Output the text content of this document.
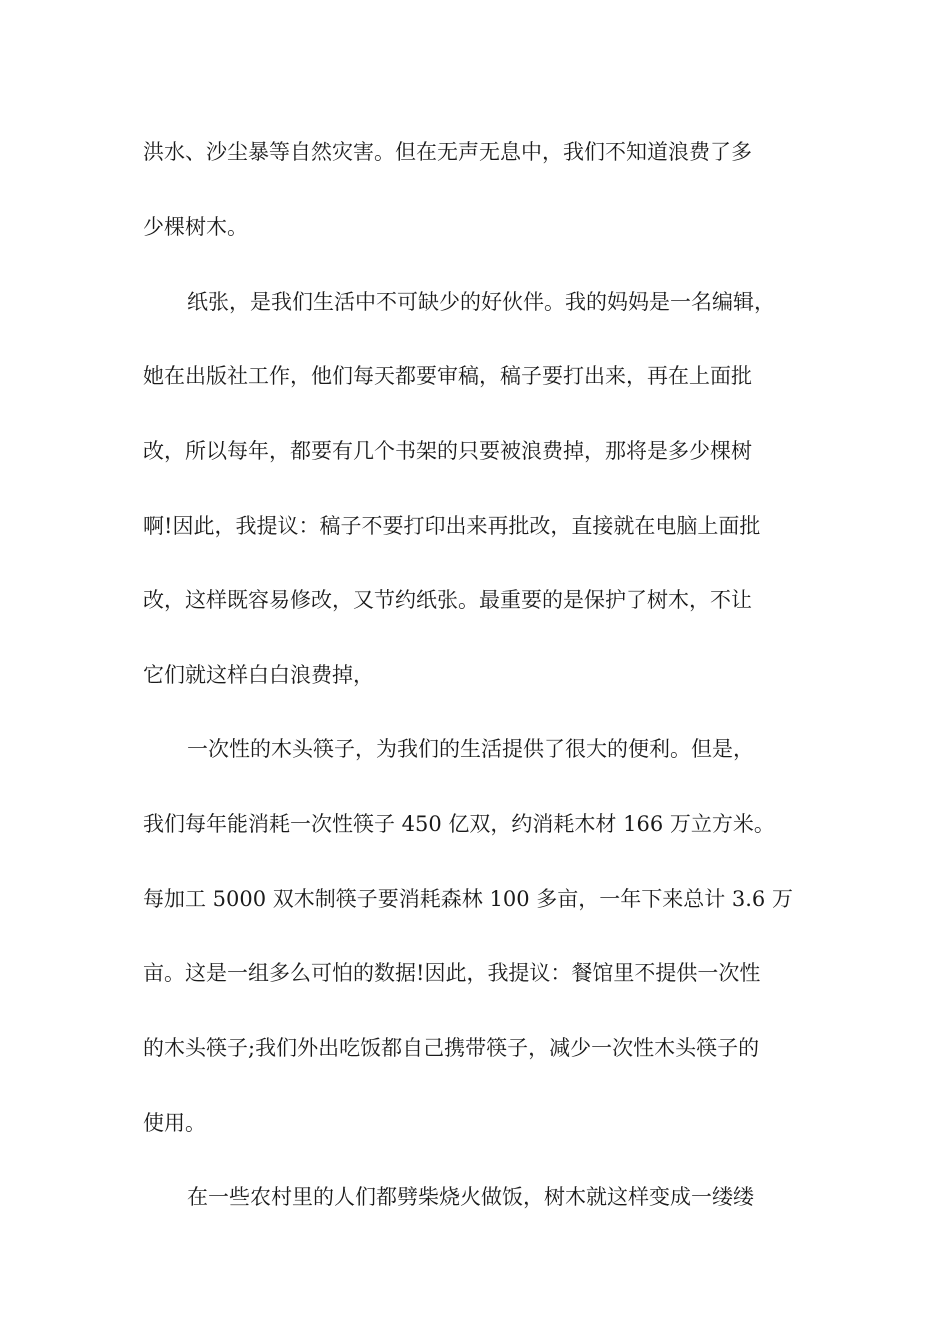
洪水、沙尘暴等自然灾害。但在无声无息中，我们不知道浪费了多
少棵树木。
纸张，是我们生活中不可缺少的好伙伴。我的妈妈是一名编辑，
她在出版社工作，他们每天都要审稿，稿子要打出来，再在上面批
改，所以每年，都要有几个书架的只要被浪费掉，那将是多少棵树
啊!因此，我提议：稿子不要打印出来再批改，直接就在电脑上面批
改，这样既容易修改，又节约纸张。最重要的是保护了树木，不让
它们就这样白白浪费掉，
一次性的木头筷子，为我们的生活提供了很大的便利。但是，
我们每年能消耗一次性筷子 450 亿双，约消耗木材 166 万立方米。
每加工 5000 双木制筷子要消耗森林 100 多亩，一年下来总计 3.6 万
亩。这是一组多么可怕的数据!因此，我提议：餐馆里不提供一次性
的木头筷子;我们外出吃饭都自己携带筷子，减少一次性木头筷子的
使用。
在一些农村里的人们都劈柴烧火做饭，树木就这样变成一缕缕
